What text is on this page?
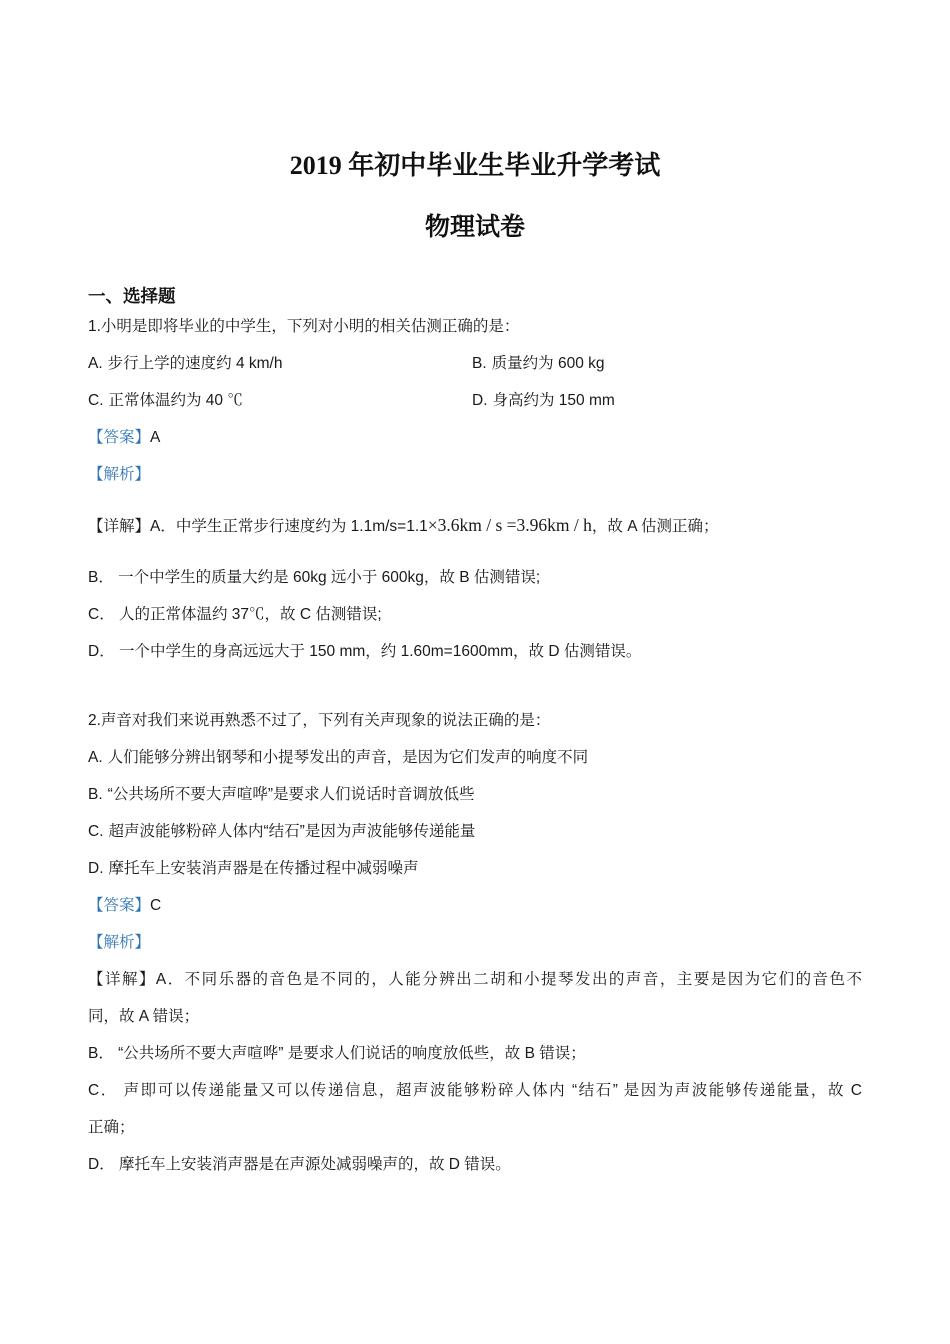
2019 年初中毕业生毕业升学考试
物理试卷
一、选择题

1.小明是即将毕业的中学生，下列对小明的相关估测正确的是：

A. 步行上学的速度约 4 km/h	B. 质量约为 600 kg

C. 正常体温约为 40 ℃	D. 身高约为 150 mm

【答案】A

【解析】

【详解】A．中学生正常步行速度约为 1.1m/s=1.1×3.6km / s =3.96km / h，故 A 估测正确；

B． 一个中学生的质量大约是 60kg 远小于 600kg，故 B 估测错误;

C． 人的正常体温约 37℃，故 C 估测错误;

D． 一个中学生的身高远远大于 150 mm，约 1.60m=1600mm，故 D 估测错误。

2.声音对我们来说再熟悉不过了，下列有关声现象的说法正确的是：

A. 人们能够分辨出钢琴和小提琴发出的声音，是因为它们发声的响度不同

B. “公共场所不要大声喧哗”是要求人们说话时音调放低些

C. 超声波能够粉碎人体内“结石”是因为声波能够传递能量

D. 摩托车上安装消声器是在传播过程中减弱噪声

【答案】C

【解析】

【详解】A．不同乐器的音色是不同的，人能分辨出二胡和小提琴发出的声音，主要是因为它们的音色不

同，故 A 错误；

B． “公共场所不要大声喧哗” 是要求人们说话的响度放低些，故 B 错误；

C． 声即可以传递能量又可以传递信息，超声波能够粉碎人体内 “结石” 是因为声波能够传递能量，故 C

正确；

D． 摩托车上安装消声器是在声源处减弱噪声的，故 D 错误。
